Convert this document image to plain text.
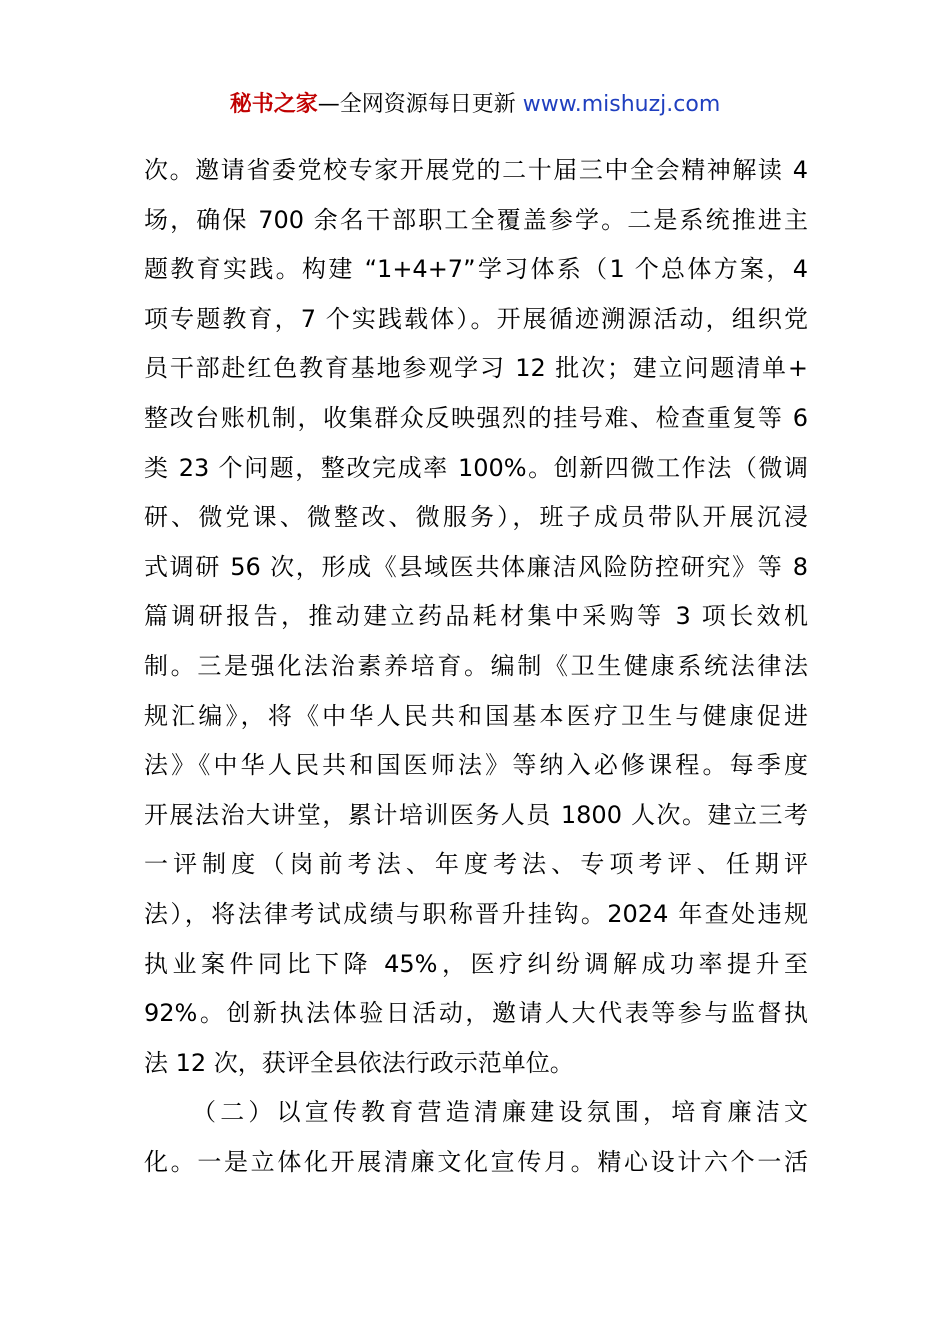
秘书之家—全网资源每日更新 www.mishuzj.com
次。邀请省委党校专家开展党的二十届三中全会精神解读 4
场，确保 700 余名干部职工全覆盖参学。二是系统推进主
题教育实践。构建 “1+4+7”学习体系（1 个总体方案，4
项专题教育，7 个实践载体）。开展循迹溯源活动，组织党
员干部赴红色教育基地参观学习 12 批次；建立问题清单+
整改台账机制，收集群众反映强烈的挂号难、检查重复等 6
类 23 个问题，整改完成率 100%。创新四微工作法（微调
研、微党课、微整改、微服务），班子成员带队开展沉浸
式调研 56 次，形成《县域医共体廉洁风险防控研究》等 8
篇调研报告，推动建立药品耗材集中采购等 3 项长效机
制。三是强化法治素养培育。编制《卫生健康系统法律法
规汇编》，将《中华人民共和国基本医疗卫生与健康促进
法》《中华人民共和国医师法》等纳入必修课程。每季度
开展法治大讲堂，累计培训医务人员 1800 人次。建立三考
一评制度（岗前考法、年度考法、专项考评、任期评
法），将法律考试成绩与职称晋升挂钩。2024 年查处违规
执业案件同比下降 45%，医疗纠纷调解成功率提升至
92%。创新执法体验日活动，邀请人大代表等参与监督执
法 12 次，获评全县依法行政示范单位。
（二）以宣传教育营造清廉建设氛围，培育廉洁文
化。一是立体化开展清廉文化宣传月。精心设计六个一活
